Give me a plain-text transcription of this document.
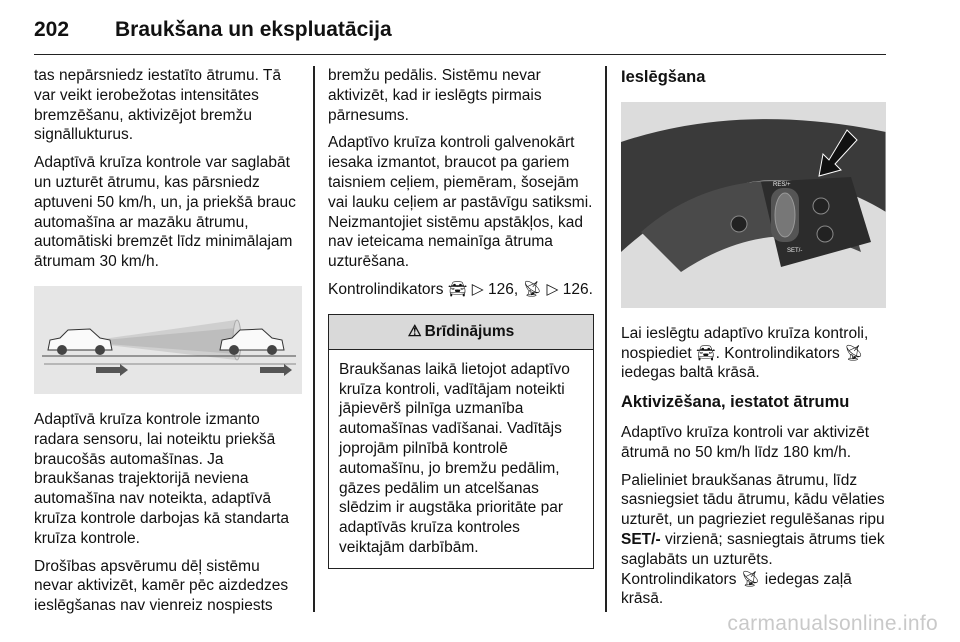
202 Braukšana un ekspluatācija

tas nepārsniedz iestatīto ātrumu. Tā var veikt ierobežotas intensitātes bremzēšanu, aktivizējot bremžu signāllukturus.

Adaptīvā kruīza kontrole var saglabāt un uzturēt ātrumu, kas pārsniedz aptuveni 50 km/h, un, ja priekšā brauc automašīna ar mazāku ātrumu, automātiski bremzēt līdz minimālajam ātrumam 30 km/h.

Adaptīvā kruīza kontrole izmanto radara sensoru, lai noteiktu priekšā braucošās automašīnas. Ja braukšanas trajektorijā neviena automašīna nav noteikta, adaptīvā kruīza kontrole darbojas kā standarta kruīza kontrole.

Drošības apsvērumu dēļ sistēmu nevar aktivizēt, kamēr pēc aizdedzes ieslēgšanas nav vienreiz nospiests

bremžu pedālis. Sistēmu nevar aktivizēt, kad ir ieslēgts pirmais pārnesums.

Adaptīvo kruīza kontroli galvenokārt iesaka izmantot, braucot pa gariem taisniem ceļiem, piemēram, šosejām vai lauku ceļiem ar pastāvīgu satiksmi. Neizmantojiet sistēmu apstākļos, kad nav ieteicama nemainīga ātruma uzturēšana.

Kontrolindikators 🚘︎ ▷ 126, 📡︎ ▷ 126.

⚠ Brīdinājums
Braukšanas laikā lietojot adaptīvo kruīza kontroli, vadītājam noteikti jāpievērš pilnīga uzmanība automašīnas vadīšanai. Vadītājs joprojām pilnībā kontrolē automašīnu, jo bremžu pedālim, gāzes pedālim un atcelšanas slēdzim ir augstāka prioritāte par adaptīvās kruīza kontroles veiktajām darbībām.
Ieslēgšana
RES/+
SET/-

Lai ieslēgtu adaptīvo kruīza kontroli, nospiediet 🚘︎. Kontrolindikators 📡︎ iedegas baltā krāsā.

Aktivizēšana, iestatot ātrumu

Adaptīvo kruīza kontroli var aktivizēt ātrumā no 50 km/h līdz 180 km/h.

Palieliniet braukšanas ātrumu, līdz sasniegsiet tādu ātrumu, kādu vēlaties uzturēt, un pagrieziet regulēšanas ripu SET/- virzienā; sasniegtais ātrums tiek saglabāts un uzturēts. Kontrolindikators 📡︎ iedegas zaļā krāsā.

carmanualsonline.info
